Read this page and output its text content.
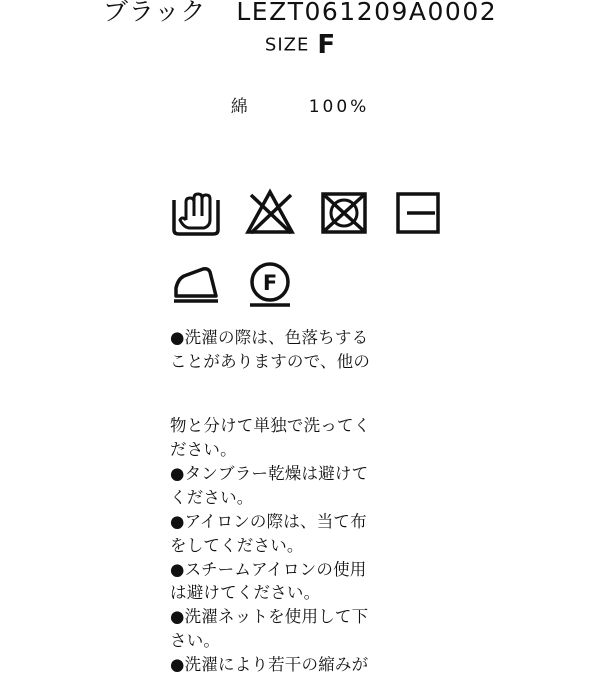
ブラック LEZT061209A0002
SIZE F
綿	100%
F
●洗濯の際は、色落ちする
ことがありますので、他の
物と分けて単独で洗ってく
ださい。
●タンブラー乾燥は避けて
ください。
●アイロンの際は、当て布
をしてください。
●スチームアイロンの使用
は避けてください。
●洗濯ネットを使用して下
さい。
●洗濯により若干の縮みが
